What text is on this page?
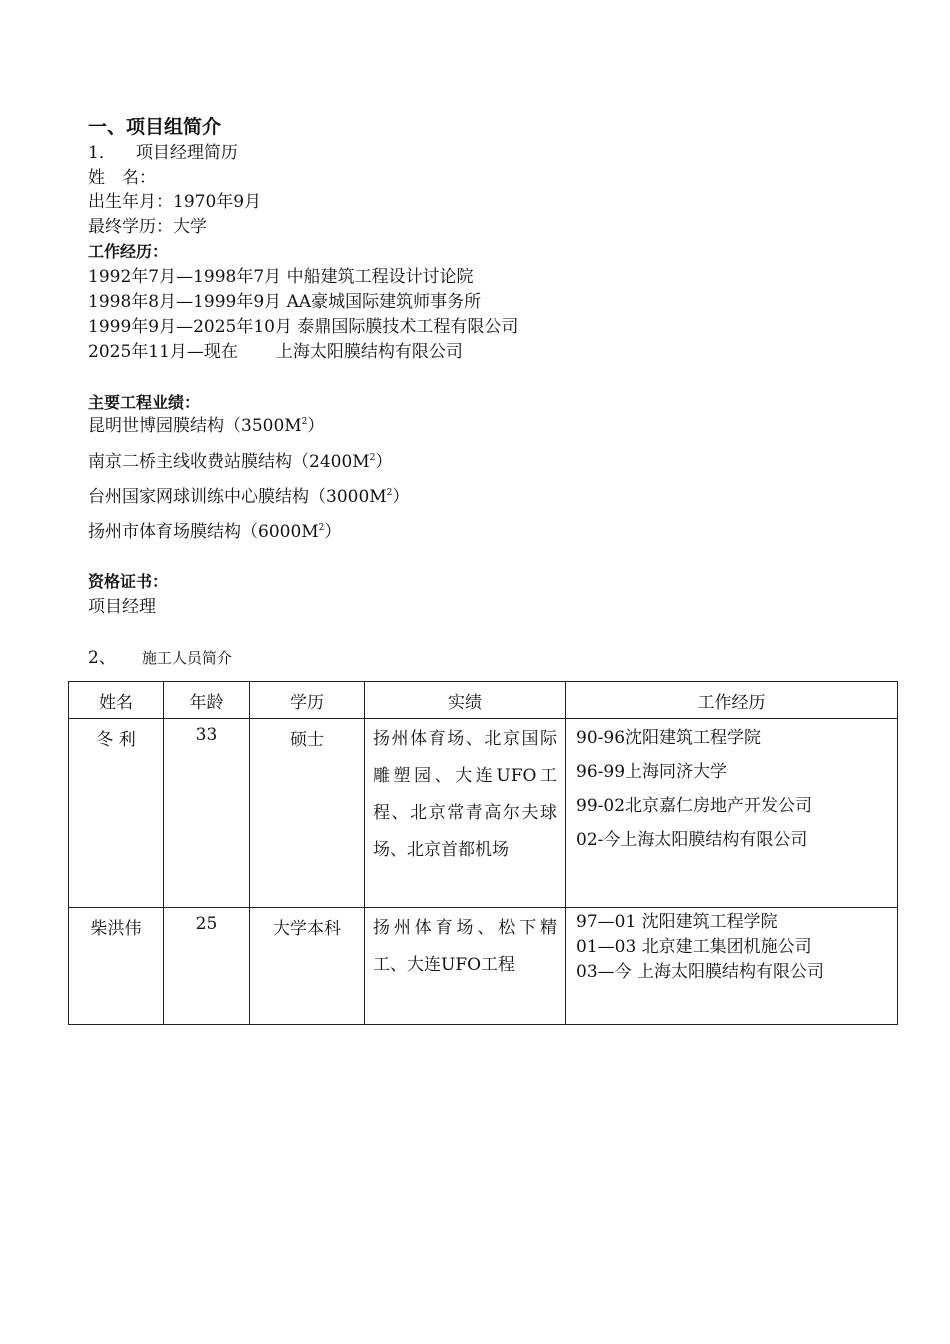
一、项目组简介
1． 项目经理简历
姓　名：
出生年月：1970年9月
最终学历：大学
工作经历：
1992年7月—1998年7月 中船建筑工程设计讨论院
1998年8月—1999年9月 AA豪城国际建筑师事务所
1999年9月—2025年10月 泰鼎国际膜技术工程有限公司
2025年11月—现在 上海太阳膜结构有限公司
主要工程业绩：
昆明世博园膜结构$(3500M^2)$
南京二桥主线收费站膜结构$(2400M^2)$
台州国家网球训练中心膜结构$(3000M^2)$
扬州市体育场膜结构$(6000M^2)$
资格证书：
项目经理
2、 施工人员简介
姓名	年龄	学历	实绩	工作经历
冬 利	33	硕士	扬州体育场、北京国际雕塑园、大连UFO工程、北京常青高尔夫球场、北京首都机场	90-96沈阳建筑工程学院
96-99上海同济大学
99-02北京嘉仁房地产开发公司
02-今上海太阳膜结构有限公司

柴洪伟	25	大学本科	扬州体育场、松下精工、大连UFO工程	97—01 沈阳建筑工程学院
01—03 北京建工集团机施公司
03—今 上海太阳膜结构有限公司
